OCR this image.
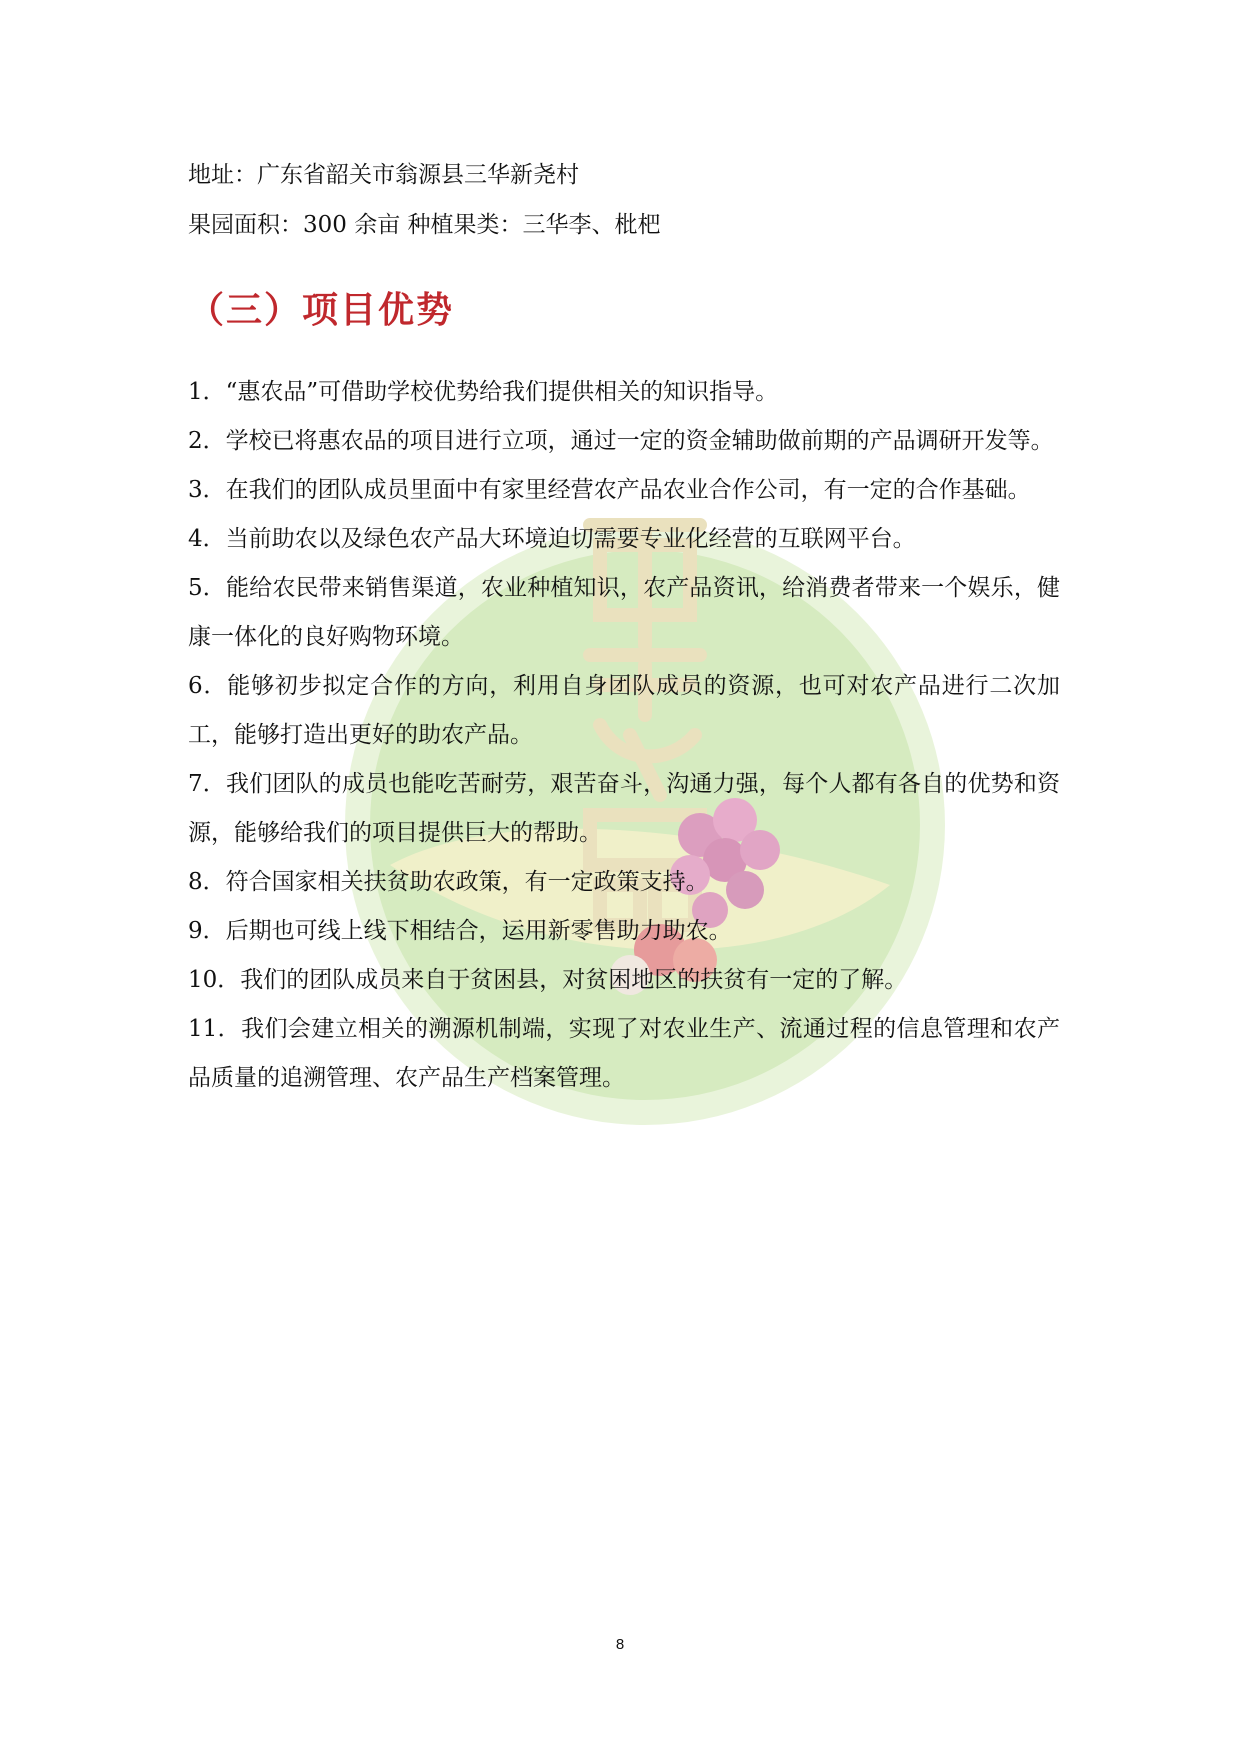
地址：广东省韶关市翁源县三华新尧村

果园面积：300 余亩 种植果类：三华李、枇杷

（三）项目优势
1．“惠农品”可借助学校优势给我们提供相关的知识指导。
2．学校已将惠农品的项目进行立项，通过一定的资金辅助做前期的产品调研开发等。
3．在我们的团队成员里面中有家里经营农产品农业合作公司，有一定的合作基础。
4．当前助农以及绿色农产品大环境迫切需要专业化经营的互联网平台。
5．能给农民带来销售渠道，农业种植知识，农产品资讯，给消费者带来一个娱乐，健康一体化的良好购物环境。
6．能够初步拟定合作的方向，利用自身团队成员的资源，也可对农产品进行二次加工，能够打造出更好的助农产品。
7．我们团队的成员也能吃苦耐劳，艰苦奋斗，沟通力强，每个人都有各自的优势和资源，能够给我们的项目提供巨大的帮助。
8．符合国家相关扶贫助农政策，有一定政策支持。
9．后期也可线上线下相结合，运用新零售助力助农。
10．我们的团队成员来自于贫困县，对贫困地区的扶贫有一定的了解。
11．我们会建立相关的溯源机制端，实现了对农业生产、流通过程的信息管理和农产品质量的追溯管理、农产品生产档案管理。
8
